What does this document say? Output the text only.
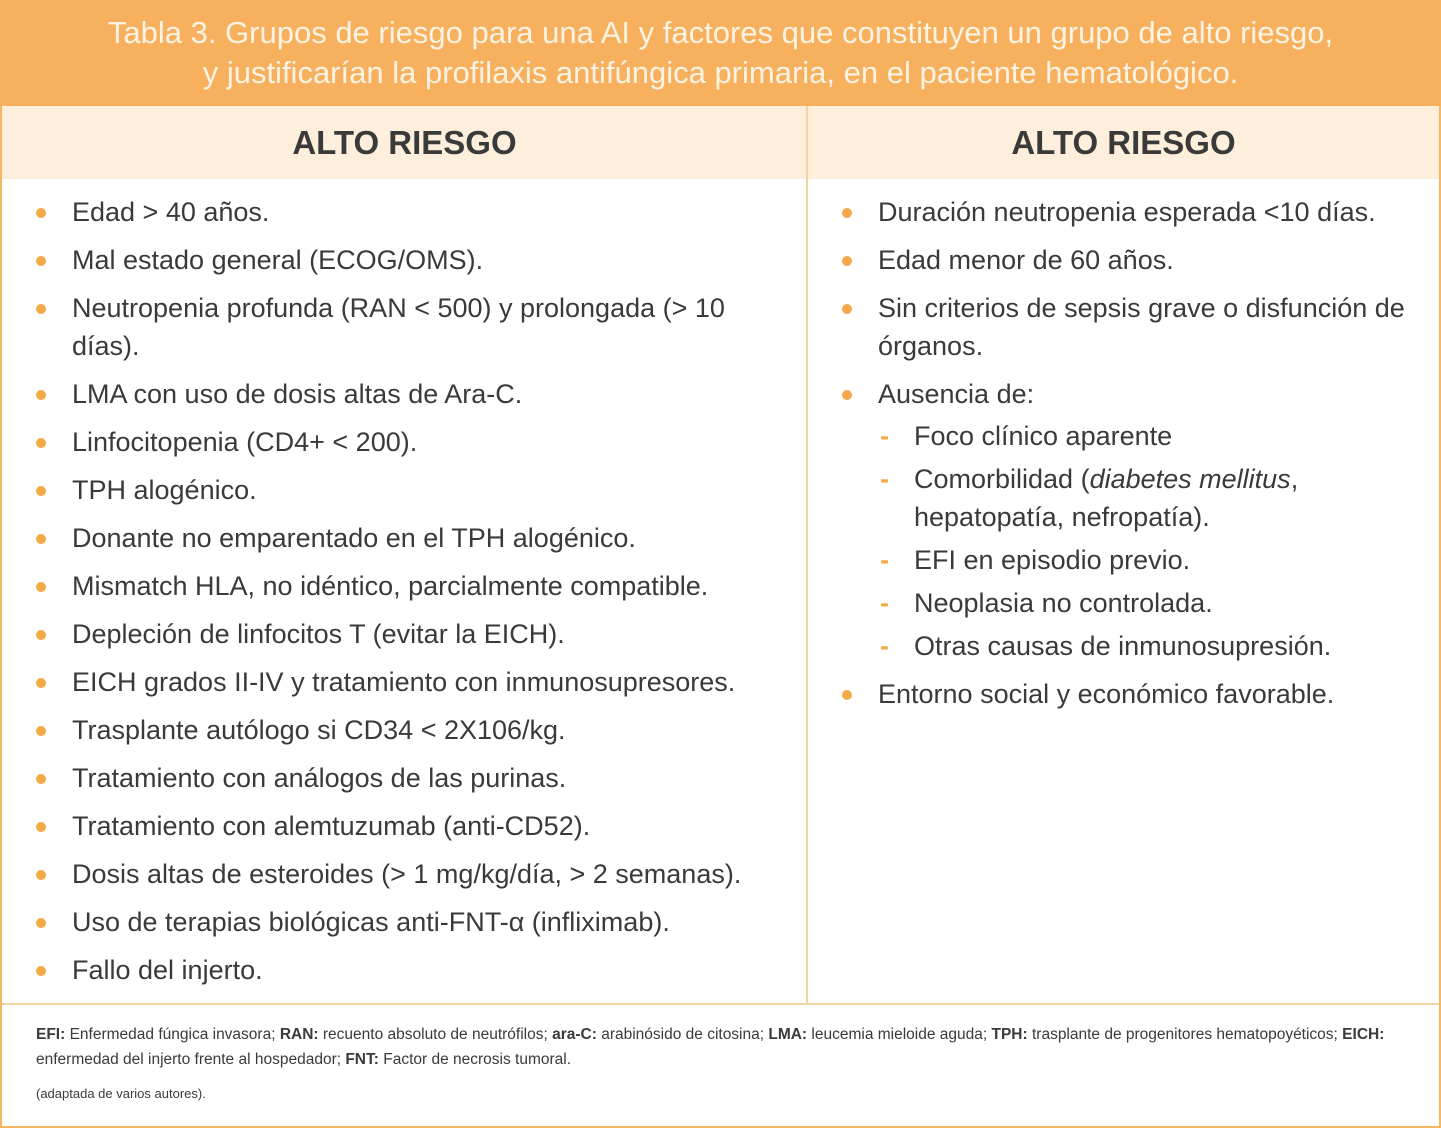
Tabla 3. Grupos de riesgo para una AI y factores que constituyen un grupo de alto riesgo,
y justificarían la profilaxis antifúngica primaria, en el paciente hematológico.
ALTO RIESGO	ALTO RIESGO
Edad > 40 años.
Mal estado general (ECOG/OMS).
Neutropenia profunda (RAN < 500) y prolongada (> 10 días).
LMA con uso de dosis altas de Ara-C.
Linfocitopenia (CD4+ < 200).
TPH alogénico.
Donante no emparentado en el TPH alogénico.
Mismatch HLA, no idéntico, parcialmente compatible.
Depleción de linfocitos T (evitar la EICH).
EICH grados II-IV y tratamiento con inmunosupresores.
Trasplante autólogo si CD34 < 2X106/kg.
Tratamiento con análogos de las purinas.
Tratamiento con alemtuzumab (anti-CD52).
Dosis altas de esteroides (> 1 mg/kg/día, > 2 semanas).
Uso de terapias biológicas anti-FNT-α (infliximab).
Fallo del injerto.
Duración neutropenia esperada <10 días.
Edad menor de 60 años.
Sin criterios de sepsis grave o disfunción de órganos.
Ausencia de:
- Foco clínico aparente
- Comorbilidad (diabetes mellitus, hepatopatía, nefropatía).
- EFI en episodio previo.
- Neoplasia no controlada.
- Otras causas de inmunosupresión.
Entorno social y económico favorable.
EFI: Enfermedad fúngica invasora; RAN: recuento absoluto de neutrófilos; ara-C: arabinósido de citosina; LMA: leucemia mieloide aguda; TPH: trasplante de progenitores hematopoyéticos; EICH: enfermedad del injerto frente al hospedador; FNT: Factor de necrosis tumoral.
(adaptada de varios autores).
